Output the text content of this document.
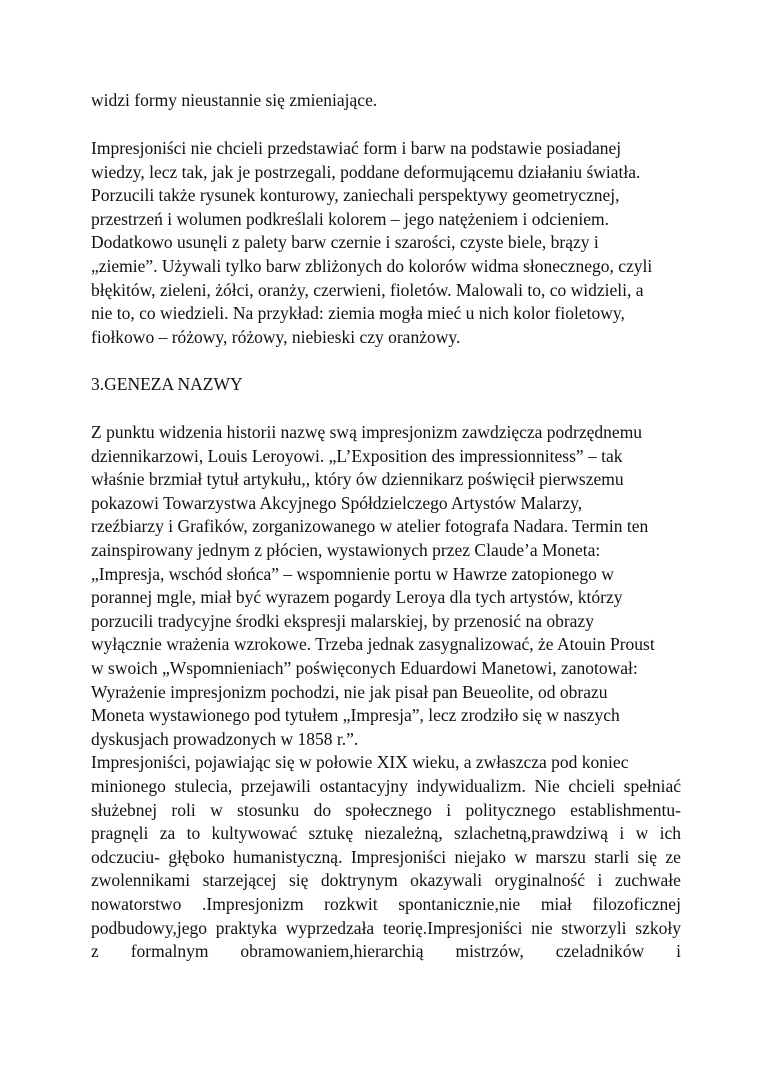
widzi formy nieustannie się zmieniające.
Impresjoniści nie chcieli przedstawiać form i barw na podstawie posiadanej
wiedzy, lecz tak, jak je postrzegali, poddane deformującemu działaniu światła.
Porzucili także rysunek konturowy, zaniechali perspektywy geometrycznej,
przestrzeń i wolumen podkreślali kolorem – jego natężeniem i odcieniem.
Dodatkowo usunęli z palety barw czernie i szarości, czyste biele, brązy i
„ziemie”. Używali tylko barw zbliżonych do kolorów widma słonecznego, czyli
błękitów, zieleni, żółci, oranży, czerwieni, fioletów. Malowali to, co widzieli, a
nie to, co wiedzieli. Na przykład: ziemia mogła mieć u nich kolor fioletowy,
fiołkowo – różowy, różowy, niebieski czy oranżowy.
3.GENEZA NAZWY
Z punktu widzenia historii nazwę swą impresjonizm zawdzięcza podrzędnemu
dziennikarzowi, Louis Leroyowi. „L’Exposition des impressionnitess” – tak
właśnie brzmiał tytuł artykułu,, który ów dziennikarz poświęcił pierwszemu
pokazowi Towarzystwa Akcyjnego Spółdzielczego Artystów Malarzy,
rzeźbiarzy i Grafików, zorganizowanego w atelier fotografa Nadara. Termin ten
zainspirowany jednym z płócien, wystawionych przez Claude’a Moneta:
„Impresja, wschód słońca” – wspomnienie portu w Hawrze zatopionego w
porannej mgle, miał być wyrazem pogardy Leroya dla tych artystów, którzy
porzucili tradycyjne środki ekspresji malarskiej, by przenosić na obrazy
wyłącznie wrażenia wzrokowe. Trzeba jednak zasygnalizować, że Atouin Proust
w swoich „Wspomnieniach” poświęconych Eduardowi Manetowi, zanotował:
Wyrażenie impresjonizm pochodzi, nie jak pisał pan Beueolite, od obrazu
Moneta wystawionego pod tytułem „Impresja”, lecz zrodziło się w naszych
dyskusjach prowadzonych w 1858 r.”.
Impresjoniści, pojawiając się w połowie XIX wieku, a zwłaszcza pod koniec
minionego stulecia, przejawili ostantacyjny indywidualizm. Nie chcieli spełniać
służebnej roli w stosunku do społecznego i politycznego establishmentu-
pragnęli za to kultywować sztukę niezależną, szlachetną,prawdziwą i w ich
odczuciu- głęboko humanistyczną. Impresjoniści niejako w marszu starli się ze
zwolennikami starzejącej się doktrynym okazywali oryginalność i zuchwałe
nowatorstwo .Impresjonizm rozkwit spontanicznie,nie miał filozoficznej
podbudowy,jego praktyka wyprzedzała teorię.Impresjoniści nie stworzyli szkoły
z formalnym obramowaniem,hierarchią mistrzów, czeladników i
